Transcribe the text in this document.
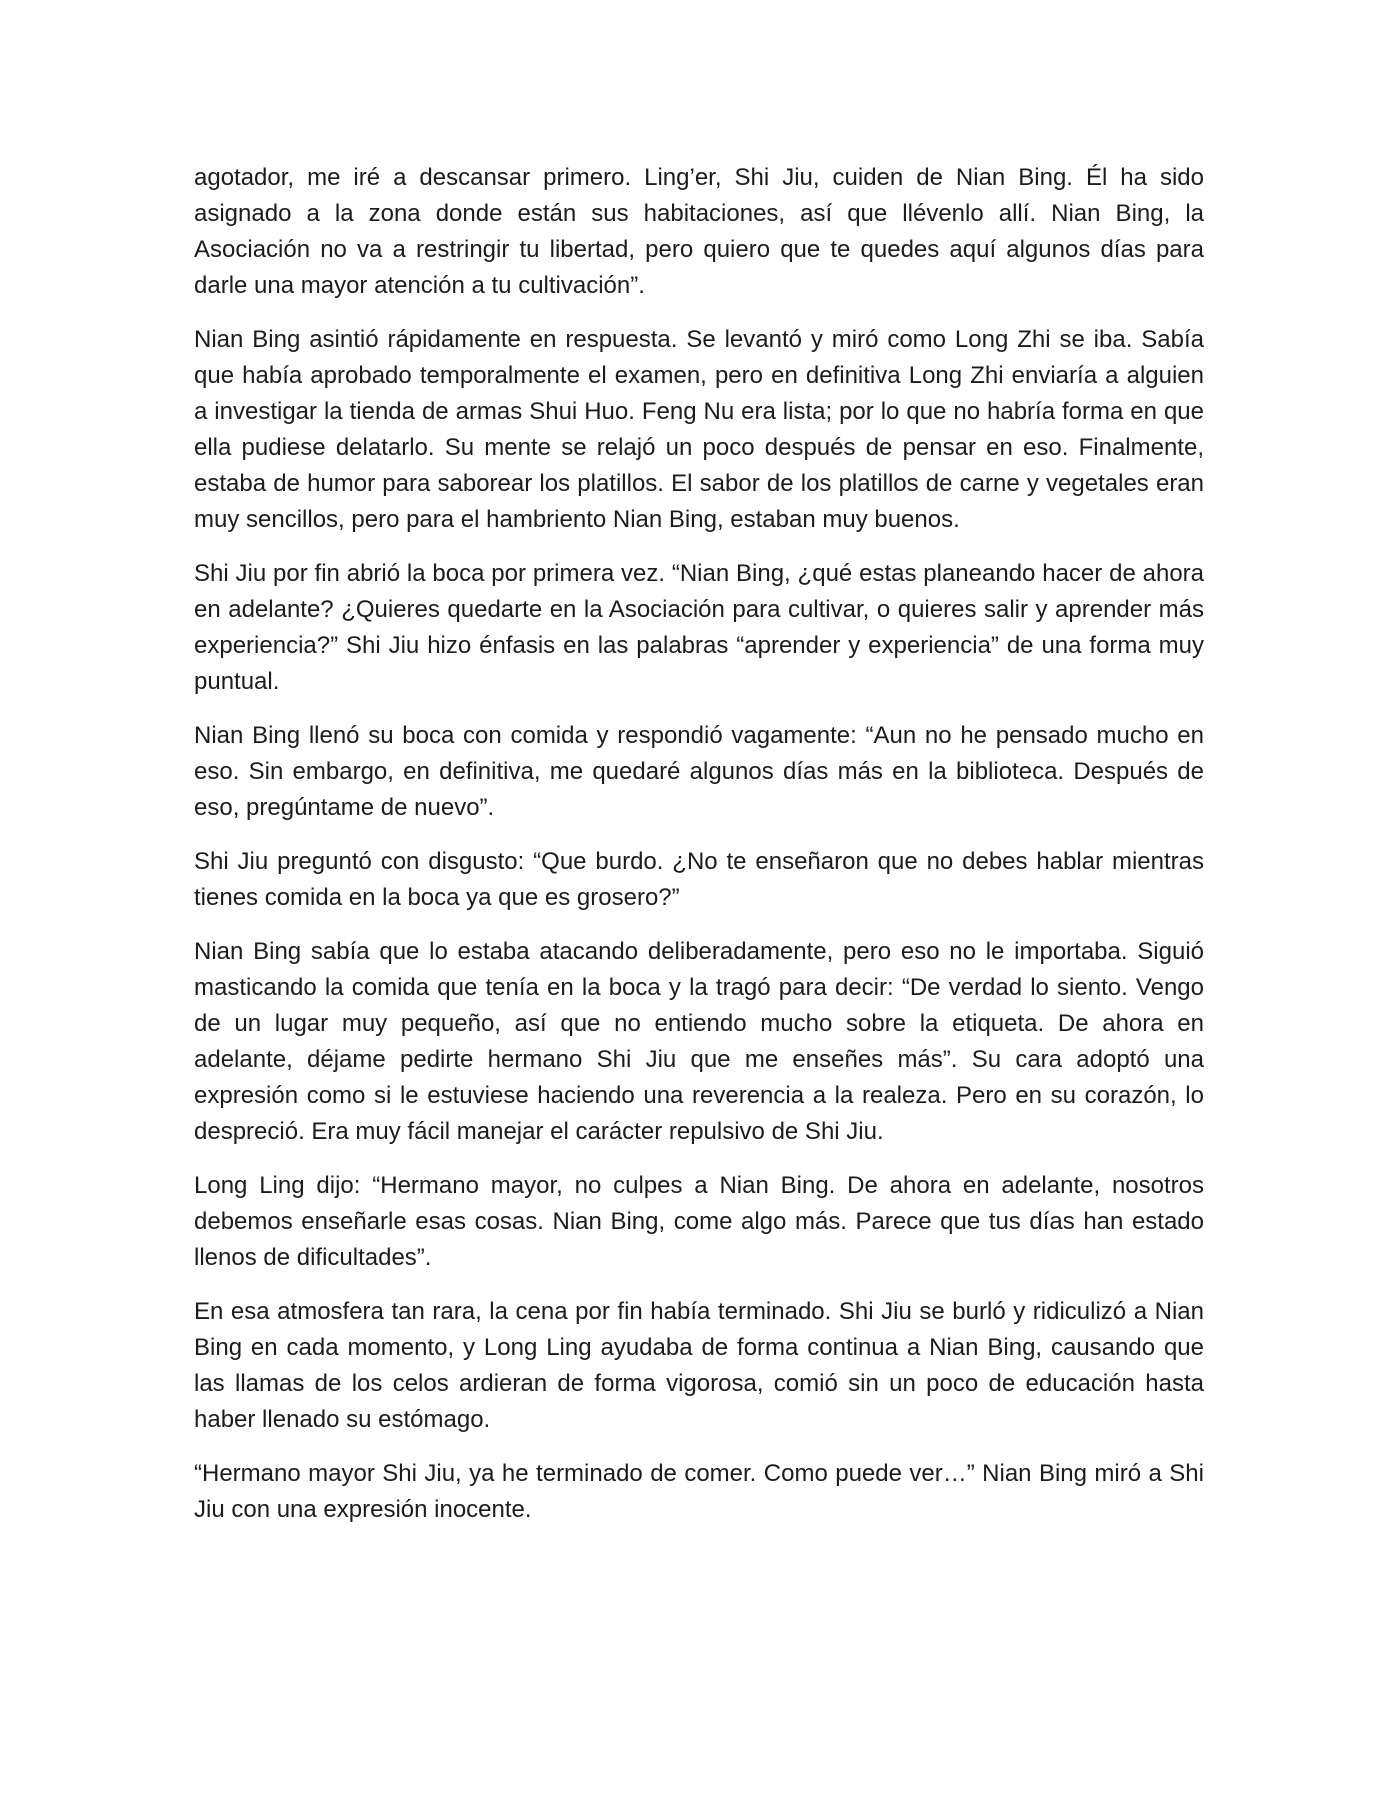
agotador, me iré a descansar primero. Ling’er, Shi Jiu, cuiden de Nian Bing. Él ha sido asignado a la zona donde están sus habitaciones, así que llévenlo allí. Nian Bing, la Asociación no va a restringir tu libertad, pero quiero que te quedes aquí algunos días para darle una mayor atención a tu cultivación”.

Nian Bing asintió rápidamente en respuesta. Se levantó y miró como Long Zhi se iba. Sabía que había aprobado temporalmente el examen, pero en definitiva Long Zhi enviaría a alguien a investigar la tienda de armas Shui Huo. Feng Nu era lista; por lo que no habría forma en que ella pudiese delatarlo. Su mente se relajó un poco después de pensar en eso. Finalmente, estaba de humor para saborear los platillos. El sabor de los platillos de carne y vegetales eran muy sencillos, pero para el hambriento Nian Bing, estaban muy buenos.

Shi Jiu por fin abrió la boca por primera vez. “Nian Bing, ¿qué estas planeando hacer de ahora en adelante? ¿Quieres quedarte en la Asociación para cultivar, o quieres salir y aprender más experiencia?” Shi Jiu hizo énfasis en las palabras “aprender y experiencia” de una forma muy puntual.

Nian Bing llenó su boca con comida y respondió vagamente: “Aun no he pensado mucho en eso. Sin embargo, en definitiva, me quedaré algunos días más en la biblioteca. Después de eso, pregúntame de nuevo”.

Shi Jiu preguntó con disgusto: “Que burdo. ¿No te enseñaron que no debes hablar mientras tienes comida en la boca ya que es grosero?”

Nian Bing sabía que lo estaba atacando deliberadamente, pero eso no le importaba. Siguió masticando la comida que tenía en la boca y la tragó para decir: “De verdad lo siento. Vengo de un lugar muy pequeño, así que no entiendo mucho sobre la etiqueta. De ahora en adelante, déjame pedirte hermano Shi Jiu que me enseñes más”. Su cara adoptó una expresión como si le estuviese haciendo una reverencia a la realeza. Pero en su corazón, lo despreció. Era muy fácil manejar el carácter repulsivo de Shi Jiu.

Long Ling dijo: “Hermano mayor, no culpes a Nian Bing. De ahora en adelante, nosotros debemos enseñarle esas cosas. Nian Bing, come algo más. Parece que tus días han estado llenos de dificultades”.

En esa atmosfera tan rara, la cena por fin había terminado. Shi Jiu se burló y ridiculizó a Nian Bing en cada momento, y Long Ling ayudaba de forma continua a Nian Bing, causando que las llamas de los celos ardieran de forma vigorosa, comió sin un poco de educación hasta haber llenado su estómago.

“Hermano mayor Shi Jiu, ya he terminado de comer. Como puede ver…” Nian Bing miró a Shi Jiu con una expresión inocente.
